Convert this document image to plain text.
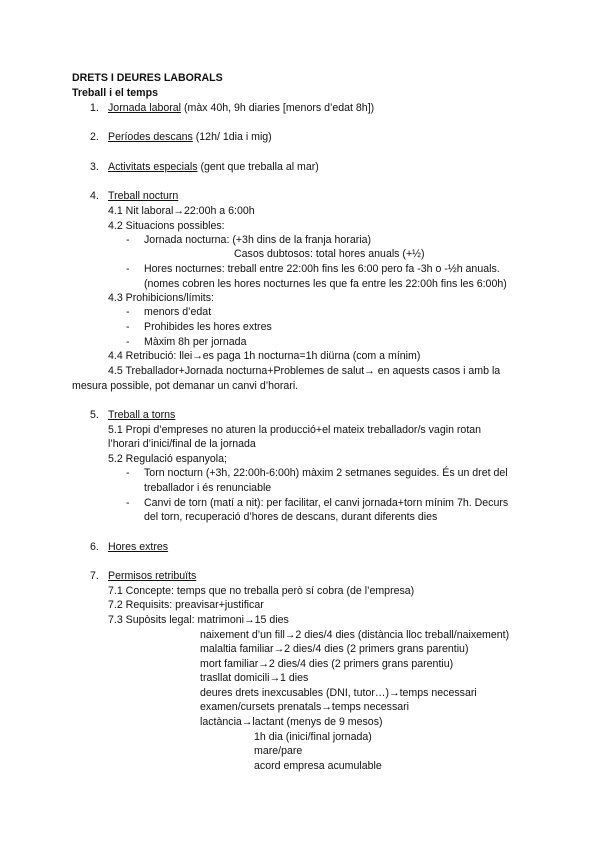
DRETS I DEURES LABORALS
Treball i el temps
1. Jornada laboral (màx 40h, 9h diaries [menors d’edat 8h])
2. Períodes descans (12h/ 1dia i mig)
3. Activitats especials (gent que treballa al mar)
4. Treball nocturn
4.1 Nit laboral→22:00h a 6:00h
4.2 Situacions possibles:
- Jornada nocturna: (+3h dins de la franja horaria)
Casos dubtosos: total hores anuals (+½)
- Hores nocturnes: treball entre 22:00h fins les 6:00 pero fa -3h o -½h anuals.
(nomes cobren les hores nocturnes les que fa entre les 22:00h fins les 6:00h)
4.3 Prohibicions/límits:
- menors d’edat
- Prohibides les hores extres
- Màxim 8h per jornada
4.4 Retribució: llei→es paga 1h nocturna=1h diürna (com a mínim)
4.5 Treballador+Jornada nocturna+Problemes de salut→ en aquests casos i amb la
mesura possible, pot demanar un canvi d’horari.
5. Treball a torns
5.1 Propi d’empreses no aturen la producció+el mateix treballador/s vagin rotan
l’horari d’inici/final de la jornada
5.2 Regulació espanyola;
- Torn nocturn (+3h, 22:00h-6:00h) màxim 2 setmanes seguides. És un dret del
treballador i és renunciable
- Canvi de torn (matí a nit): per facilitar, el canvi jornada+torn mínim 7h. Decurs
del torn, recuperació d’hores de descans, durant diferents dies
6. Hores extres
7. Permisos retribuïts
7.1 Concepte: temps que no treballa però sí cobra (de l’empresa)
7.2 Requisits: preavisar+justificar
7.3 Supòsits legal: matrimoni→15 dies
naixement d’un fill→2 dies/4 dies (distància lloc treball/naixement)
malaltia familiar→2 dies/4 dies (2 primers grans parentiu)
mort familiar→2 dies/4 dies (2 primers grans parentiu)
trasllat domicili→1 dies
deures drets inexcusables (DNI, tutor…)→temps necessari
examen/cursets prenatals→temps necessari
lactància→lactant (menys de 9 mesos)
1h dia (inici/final jornada)
mare/pare
acord empresa acumulable
